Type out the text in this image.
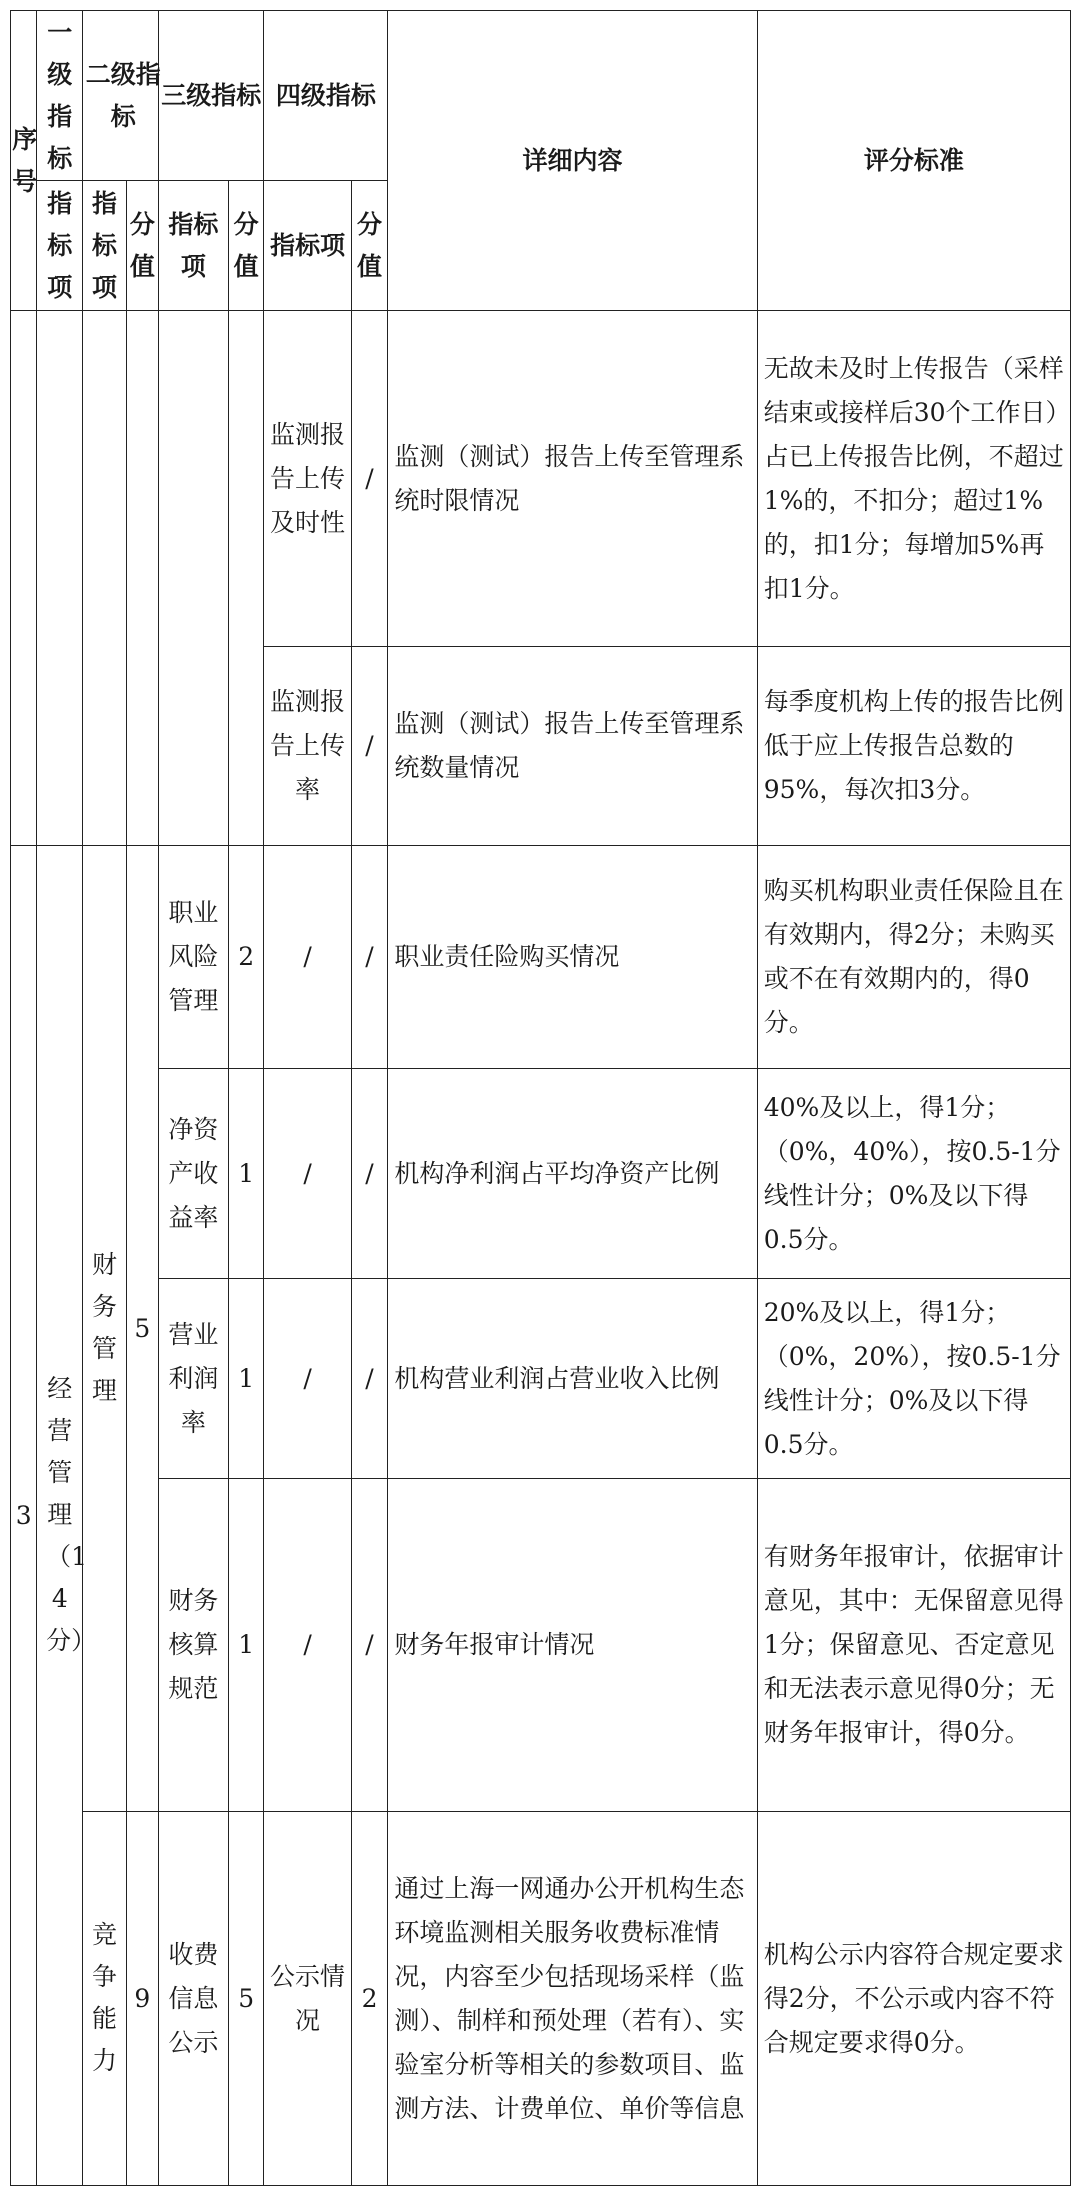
序号	一级指标	二级指标		三级指标		四级指标		详细内容	评分标准
	指标项	指标项	分值	指标项	分值	指标项	分值		
						监测报告上传及时性	/	监测（测试）报告上传至管理系统时限情况	无故未及时上传报告（采样结束或接样后30个工作日）占已上传报告比例，不超过1%的，不扣分；超过1%的，扣1分；每增加5%再扣1分。
						监测报告上传率	/	监测（测试）报告上传至管理系统数量情况	每季度机构上传的报告比例低于应上传报告总数的95%，每次扣3分。
3	经营管理（14分）	财务管理	5	职业风险管理	2	/	/	职业责任险购买情况	购买机构职业责任保险且在有效期内，得2分；未购买或不在有效期内的，得0分。
				净资产收益率	1	/	/	机构净利润占平均净资产比例	40%及以上，得1分；（0%，40%），按0.5-1分线性计分；0%及以下得0.5分。
				营业利润率	1	/	/	机构营业利润占营业收入比例	20%及以上，得1分；（0%，20%），按0.5-1分线性计分；0%及以下得0.5分。
				财务核算规范	1	/	/	财务年报审计情况	有财务年报审计，依据审计意见，其中：无保留意见得1分；保留意见、否定意见和无法表示意见得0分；无财务年报审计，得0分。
		竞争能力	9	收费信息公示	5	公示情况	2	通过上海一网通办公开机构生态环境监测相关服务收费标准情况，内容至少包括现场采样（监测）、制样和预处理（若有）、实验室分析等相关的参数项目、监测方法、计费单位、单价等信息	机构公示内容符合规定要求得2分，不公示或内容不符合规定要求得0分。
